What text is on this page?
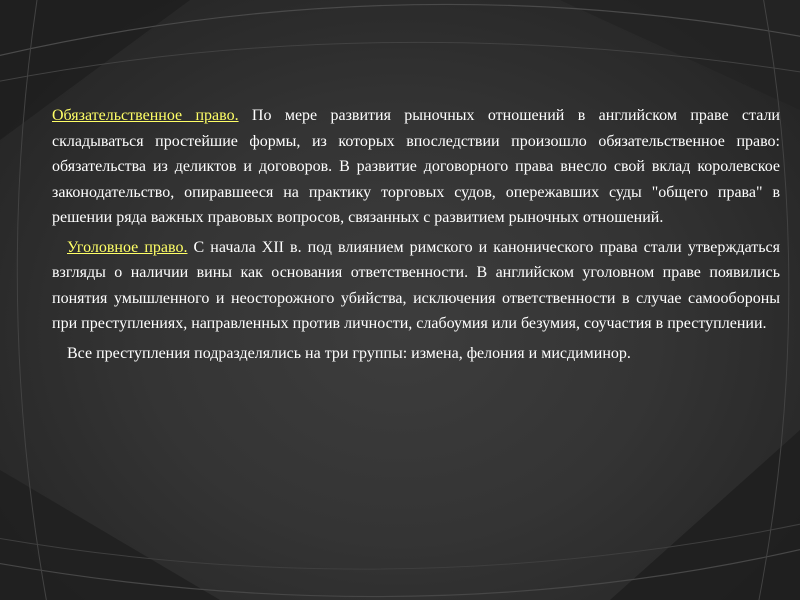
Обязательственное право. По мере развития рыночных отношений в английском праве стали складываться простейшие формы, из которых впоследствии произошло обязательственное право: обязательства из деликтов и договоров. В развитие договорного права внесло свой вклад королевское законодательство, опиравшееся на практику торговых судов, опережавших суды "общего права" в решении ряда важных правовых вопросов, связанных с развитием рыночных отношений.

Уголовное право. С начала XII в. под влиянием римского и канонического права стали утверждаться взгляды о наличии вины как основания ответственности. В английском уголовном праве появились понятия умышленного и неосторожного убийства, исключения ответственности в случае самообороны при преступлениях, направленных против личности, слабоумия или безумия, соучастия в преступлении.

Все преступления подразделялись на три группы: измена, фелония и мисдиминор.
